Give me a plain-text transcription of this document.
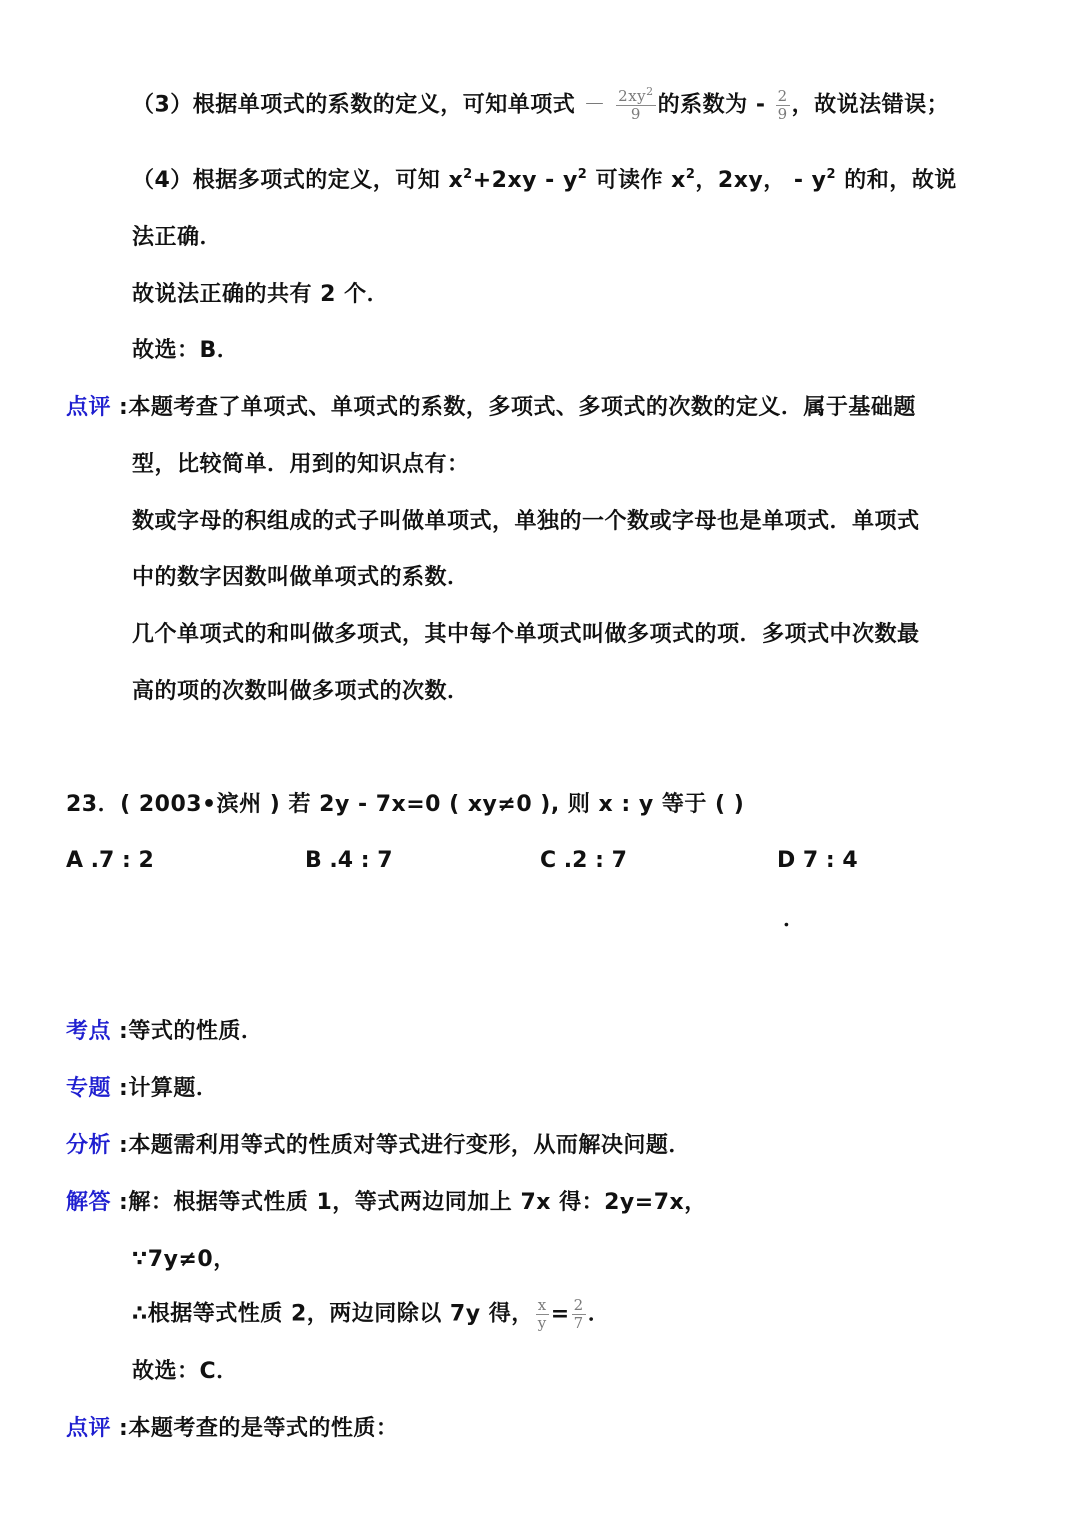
（3）根据单项式的系数的定义，可知单项式 － $\frac{2xy^2}{9}$ 的系数为 - $\frac{2}{9}$ ，故说法错误；
（4）根据多项式的定义，可知 $x^2+2xy - y^2$ 可读作 $x^2$，2xy， - $y^2$ 的和，故说
法正确．
故说法正确的共有 2 个．
故选：B．
点评 :本题考查了单项式、单项式的系数，多项式、多项式的次数的定义．属于基础题
型，比较简单．用到的知识点有：
数或字母的积组成的式子叫做单项式，单独的一个数或字母也是单项式．单项式
中的数字因数叫做单项式的系数．
几个单项式的和叫做多项式，其中每个单项式叫做多项式的项．多项式中次数最
高的项的次数叫做多项式的次数．
23．( 2003•滨州 ) 若 2y - 7x=0 ( xy≠0 ), 则 x : y 等于 ( )
A .7 : 2	B .4 : 7	C .2 : 7	D 7 : 4
．
考点 :等式的性质．
专题 :计算题．
分析 :本题需利用等式的性质对等式进行变形，从而解决问题．
解答 :解：根据等式性质 1，等式两边同加上 7x 得：2y=7x，
∵7y≠0，
∴根据等式性质 2，两边同除以 7y 得， $\frac{x}{y} = \frac{2}{7}$ ．
故选：C．
点评 :本题考查的是等式的性质：
